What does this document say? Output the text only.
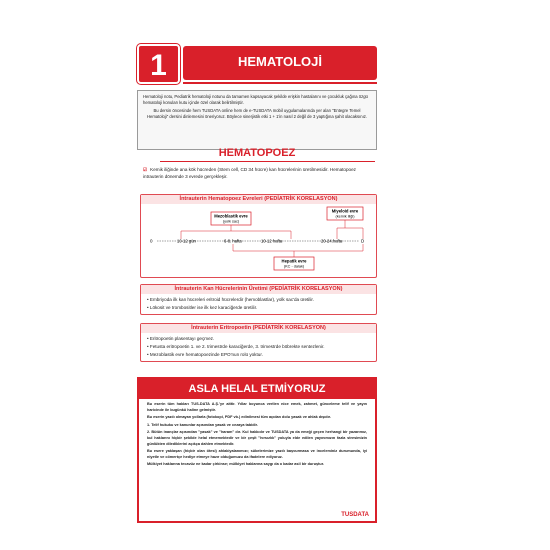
1	HEMATOLOJİ

Hematoloji notu, Pediatrik hematoloji notunu da tamamen kapsayacak şekilde erişkin hastalarını ve çocukluk çağına özgü hematoloji konuları kutu içinde özel olarak belirtilmiştir.

Bu dersin öncesinde hem TUSDATA online hem de e-TUSDATA mobil uygulamalarında yer alan "Entegre Temel Hematoloji" dersini dinlemesini öneriyoruz. Böylece sinerjistik etki 1 + 1'in nasıl 2 değil de 3 yaptığına şahit olacaksınız.

HEMATOPOEZ
☑ Kemik iliğinde ana kök hücreden (Stem cell, CD 34 hücre) kan hücrelerinin üretilmesidir. Hematopoez intrauterin dönemde 3 evrede gerçekleşir.
İntrauterin Hematopoez Evreleri (PEDİATRİK KORELASYON)
0	10-12 gün	6-8. hafta	10-12 hafta	20-24.hafta	D
Mezoblastik evre
(yolk sac)
Miyeloid evre
(kemik iliği)
Hepatik evre
(KC - dalak)
İntrauterin Kan Hücrelerinin Üretimi (PEDİATRİK KORELASYON)
• Embriyoda ilk kan hücreleri eritroid hücrelerdir (hemoblastlar), yolk sac'da üretilir.
• Lökosit ve trombositler ise ilk kez karaciğerde üretilir.
İntrauterin Eritropoetin (PEDİATRİK KORELASYON)
• Eritropoetin plasentayı geçmez.
• Fetusta eritropoetin 1. ve 2. trimestrde karaciğerde, 3. trimestrde böbrekte sentezlenir.
• Mezoblastik evre hematopoezinde EPO'nun rolü yoktur.
ASLA HELAL ETMİYORUZ

Bu eserin tüm hakları TUS-DATA A.Ş.'ye aittir. Yıllar boyunca verilen nice emek, zahmet, günceleme telif ve yayın haricinde ile bugünkü haline gelmiştir.

Bu eserin yazılı olmayan yollarla (fotokopi, PDF vb.) edinilmesi tüm açıdan dolu yasak ve ahlak dışıdır.

1. Telif hukuku ve kanunlar açısından yasak ve cezaya tabidir.

2. Bütün inançlar açısından "yasak" ve "haram" dır. Kul hakkıdır ve TUSDATA ya da emeği geçen herhangi bir yazarımız, kul haklarını hiçbir şekilde helal etmemektedir ve bir çeşit "hırsızlık" yoluyla elde edilen yayınımızın fazla stresimizin günlükten dilediklerini açıkça dahlen etmektedir.

Bu esere yaklaşan (hiçbir olan ötesi) ahlakiyalanımızı; sübelerimize yazılı başvurmasa ve inceleminiz durumunda, iyi niyetle ve cömertçe hediye etmeye hazır olduğumuzu da ifadelere ediyoruz.

Mülkiyet haklarına tecavüz ne kadar çirkinse; mülkiyet haklarına saygı da o kadar asil bir duruştur.

TUSDATA
